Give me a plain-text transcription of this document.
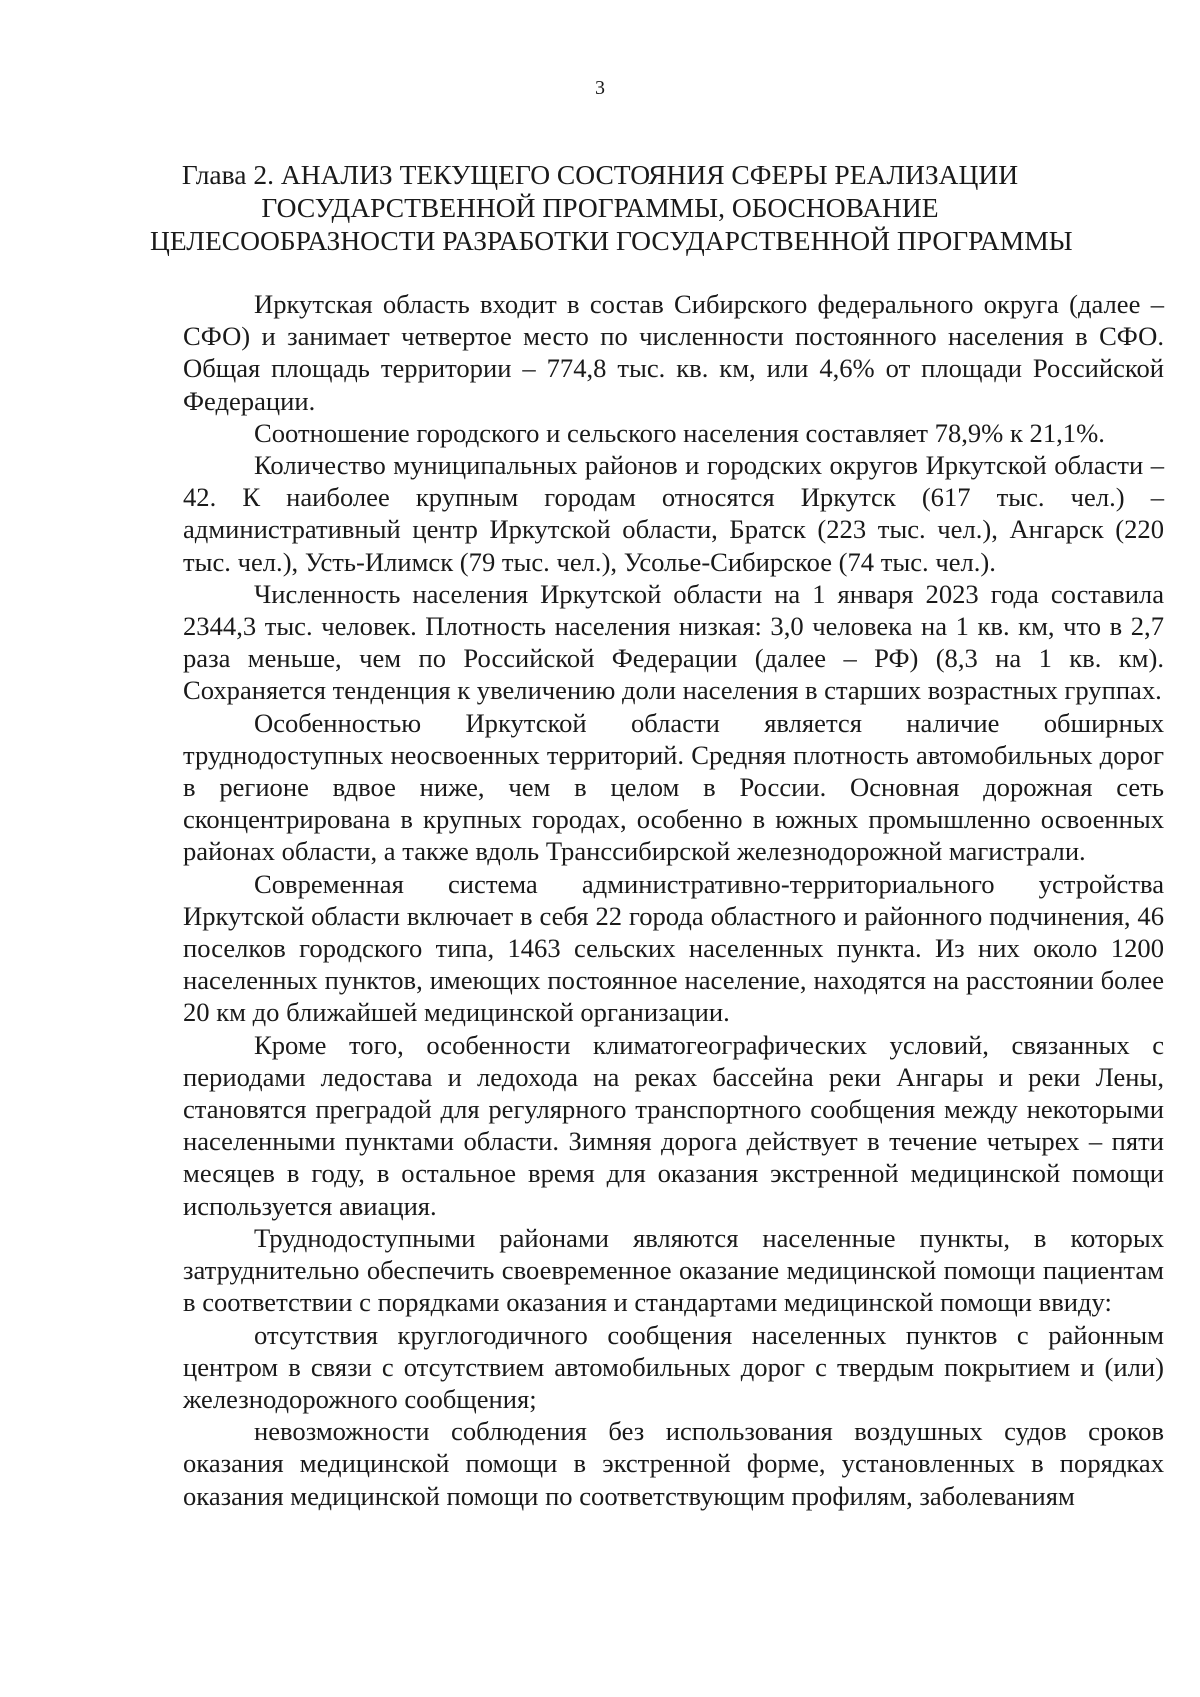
3
Глава 2. АНАЛИЗ ТЕКУЩЕГО СОСТОЯНИЯ СФЕРЫ РЕАЛИЗАЦИИ
ГОСУДАРСТВЕННОЙ ПРОГРАММЫ, ОБОСНОВАНИЕ
ЦЕЛЕСООБРАЗНОСТИ РАЗРАБОТКИ ГОСУДАРСТВЕННОЙ ПРОГРАММЫ

Иркутская область входит в состав Сибирского федерального округа (далее – СФО) и занимает четвертое место по численности постоянного населения в СФО. Общая площадь территории – 774,8 тыс. кв. км, или 4,6% от площади Российской Федерации.

Соотношение городского и сельского населения составляет 78,9% к 21,1%.

Количество муниципальных районов и городских округов Иркутской области – 42. К наиболее крупным городам относятся Иркутск (617 тыс. чел.) – административный центр Иркутской области, Братск (223 тыс. чел.), Ангарск (220 тыс. чел.), Усть-Илимск (79 тыс. чел.), Усолье-Сибирское (74 тыс. чел.).

Численность населения Иркутской области на 1 января 2023 года составила 2344,3 тыс. человек. Плотность населения низкая: 3,0 человека на 1 кв. км, что в 2,7 раза меньше, чем по Российской Федерации (далее – РФ) (8,3 на 1 кв. км). Сохраняется тенденция к увеличению доли населения в старших возрастных группах.

Особенностью Иркутской области является наличие обширных труднодоступных неосвоенных территорий. Средняя плотность автомобильных дорог в регионе вдвое ниже, чем в целом в России. Основная дорожная сеть сконцентрирована в крупных городах, особенно в южных промышленно освоенных районах области, а также вдоль Транссибирской железнодорожной магистрали.

Современная система административно-территориального устройства Иркутской области включает в себя 22 города областного и районного подчинения, 46 поселков городского типа, 1463 сельских населенных пункта. Из них около 1200 населенных пунктов, имеющих постоянное население, находятся на расстоянии более 20 км до ближайшей медицинской организации.

Кроме того, особенности климатогеографических условий, связанных с периодами ледостава и ледохода на реках бассейна реки Ангары и реки Лены, становятся преградой для регулярного транспортного сообщения между некоторыми населенными пунктами области. Зимняя дорога действует в течение четырех – пяти месяцев в году, в остальное время для оказания экстренной медицинской помощи используется авиация.

Труднодоступными районами являются населенные пункты, в которых затруднительно обеспечить своевременное оказание медицинской помощи пациентам в соответствии с порядками оказания и стандартами медицинской помощи ввиду:

отсутствия круглогодичного сообщения населенных пунктов с районным центром в связи с отсутствием автомобильных дорог с твердым покрытием и (или) железнодорожного сообщения;

невозможности соблюдения без использования воздушных судов сроков оказания медицинской помощи в экстренной форме, установленных в порядках оказания медицинской помощи по соответствующим профилям, заболеваниям
